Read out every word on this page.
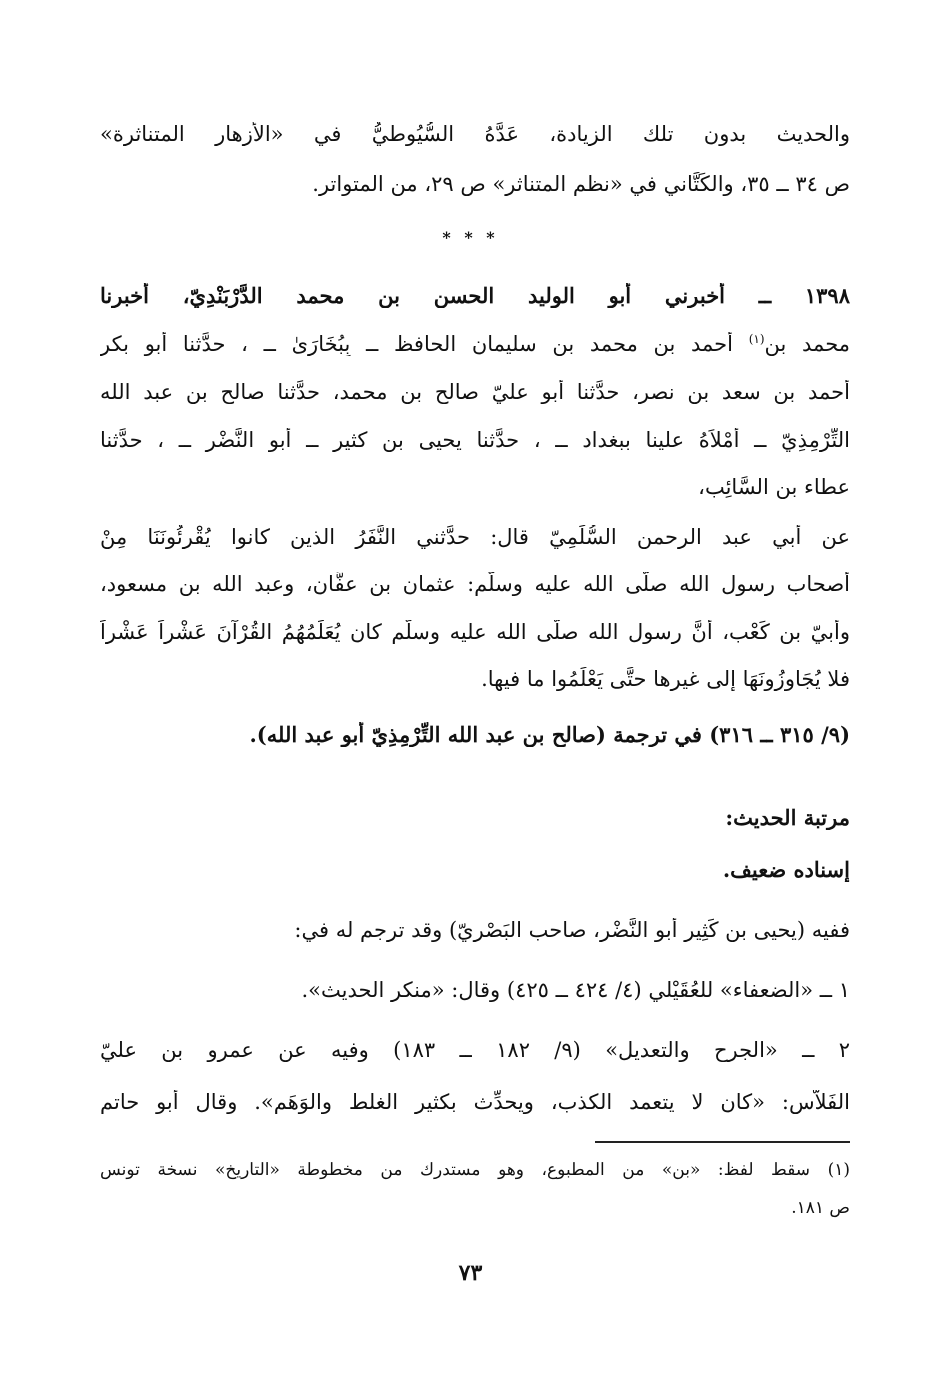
والحديث بدون تلك الزيادة، عَدَّهُ السُّيُوطيُّ في «الأزهار المتناثرة»
ص ٣٤ ــ ٣٥، والكَتَّاني في «نظم المتناثر» ص ٢٩، من المتواتر.
* * *
١٣٩٨ ــ أخبرني أبو الوليد الحسن بن محمد الدَّرْبَنْدِيّ، أخبرنا
محمد بن$^{(١)}$ أحمد بن محمد بن سليمان الحافظ ــ بِبُخَارَىٰ ــ ، حدَّثنا أبو بكر
أحمد بن سعد بن نصر، حدَّثنا أبو عليّ صالح بن محمد، حدَّثنا صالح بن عبد الله
التِّرْمِذِيّ ــ أَمْلاَهُ علينا ببغداد ــ ، حدَّثنا يحيى بن كثير ــ أبو النَّضْر ــ ، حدَّثنا
عطاء بن السَّائِب،
عن أبي عبد الرحمن السُّلَمِيّ قال: حدَّثني النَّفَرُ الذين كانوا يُقْرِئُونَنَا مِنْ
أصحاب رسول الله صلَّى الله عليه وسلَّم: عثمان بن عفَّان، وعبد الله بن مسعود،
وأبيّ بن كَعْب، أنَّ رسول الله صلَّى الله عليه وسلَّم كان يُعَلِّمُهُمُ القُرْآنَ عَشْراً عَشْراً
فلا يُجَاوِزُونَهَا إلى غيرها حتَّى يَعْلَمُوا ما فيها.
(٩/ ٣١٥ ــ ٣١٦) في ترجمة (صالح بن عبد الله التِّرْمِذِيّ أبو عبد الله).
مرتبة الحديث:
إسناده ضعيف.
ففيه (يحيى بن كَثِير أبو النَّضْر، صاحب البَصْرِيّ) وقد ترجم له في:
١ ــ «الضعفاء» للعُقَيْلي (٤/ ٤٢٤ ــ ٤٢٥) وقال: «منكر الحديث».
٢ ــ «الجرح والتعديل» (٩/ ١٨٢ ــ ١٨٣) وفيه عن عمرو بن عليّ
الفَلاَّس: «كان لا يتعمد الكذب، ويحدِّث بكثير الغلط والوَهَم». وقال أبو حاتم
(١) سقط لفظ: «بن» من المطبوع، وهو مستدرك من مخطوطة «التاريخ» نسخة تونس
ص ١٨١.
٧٣
